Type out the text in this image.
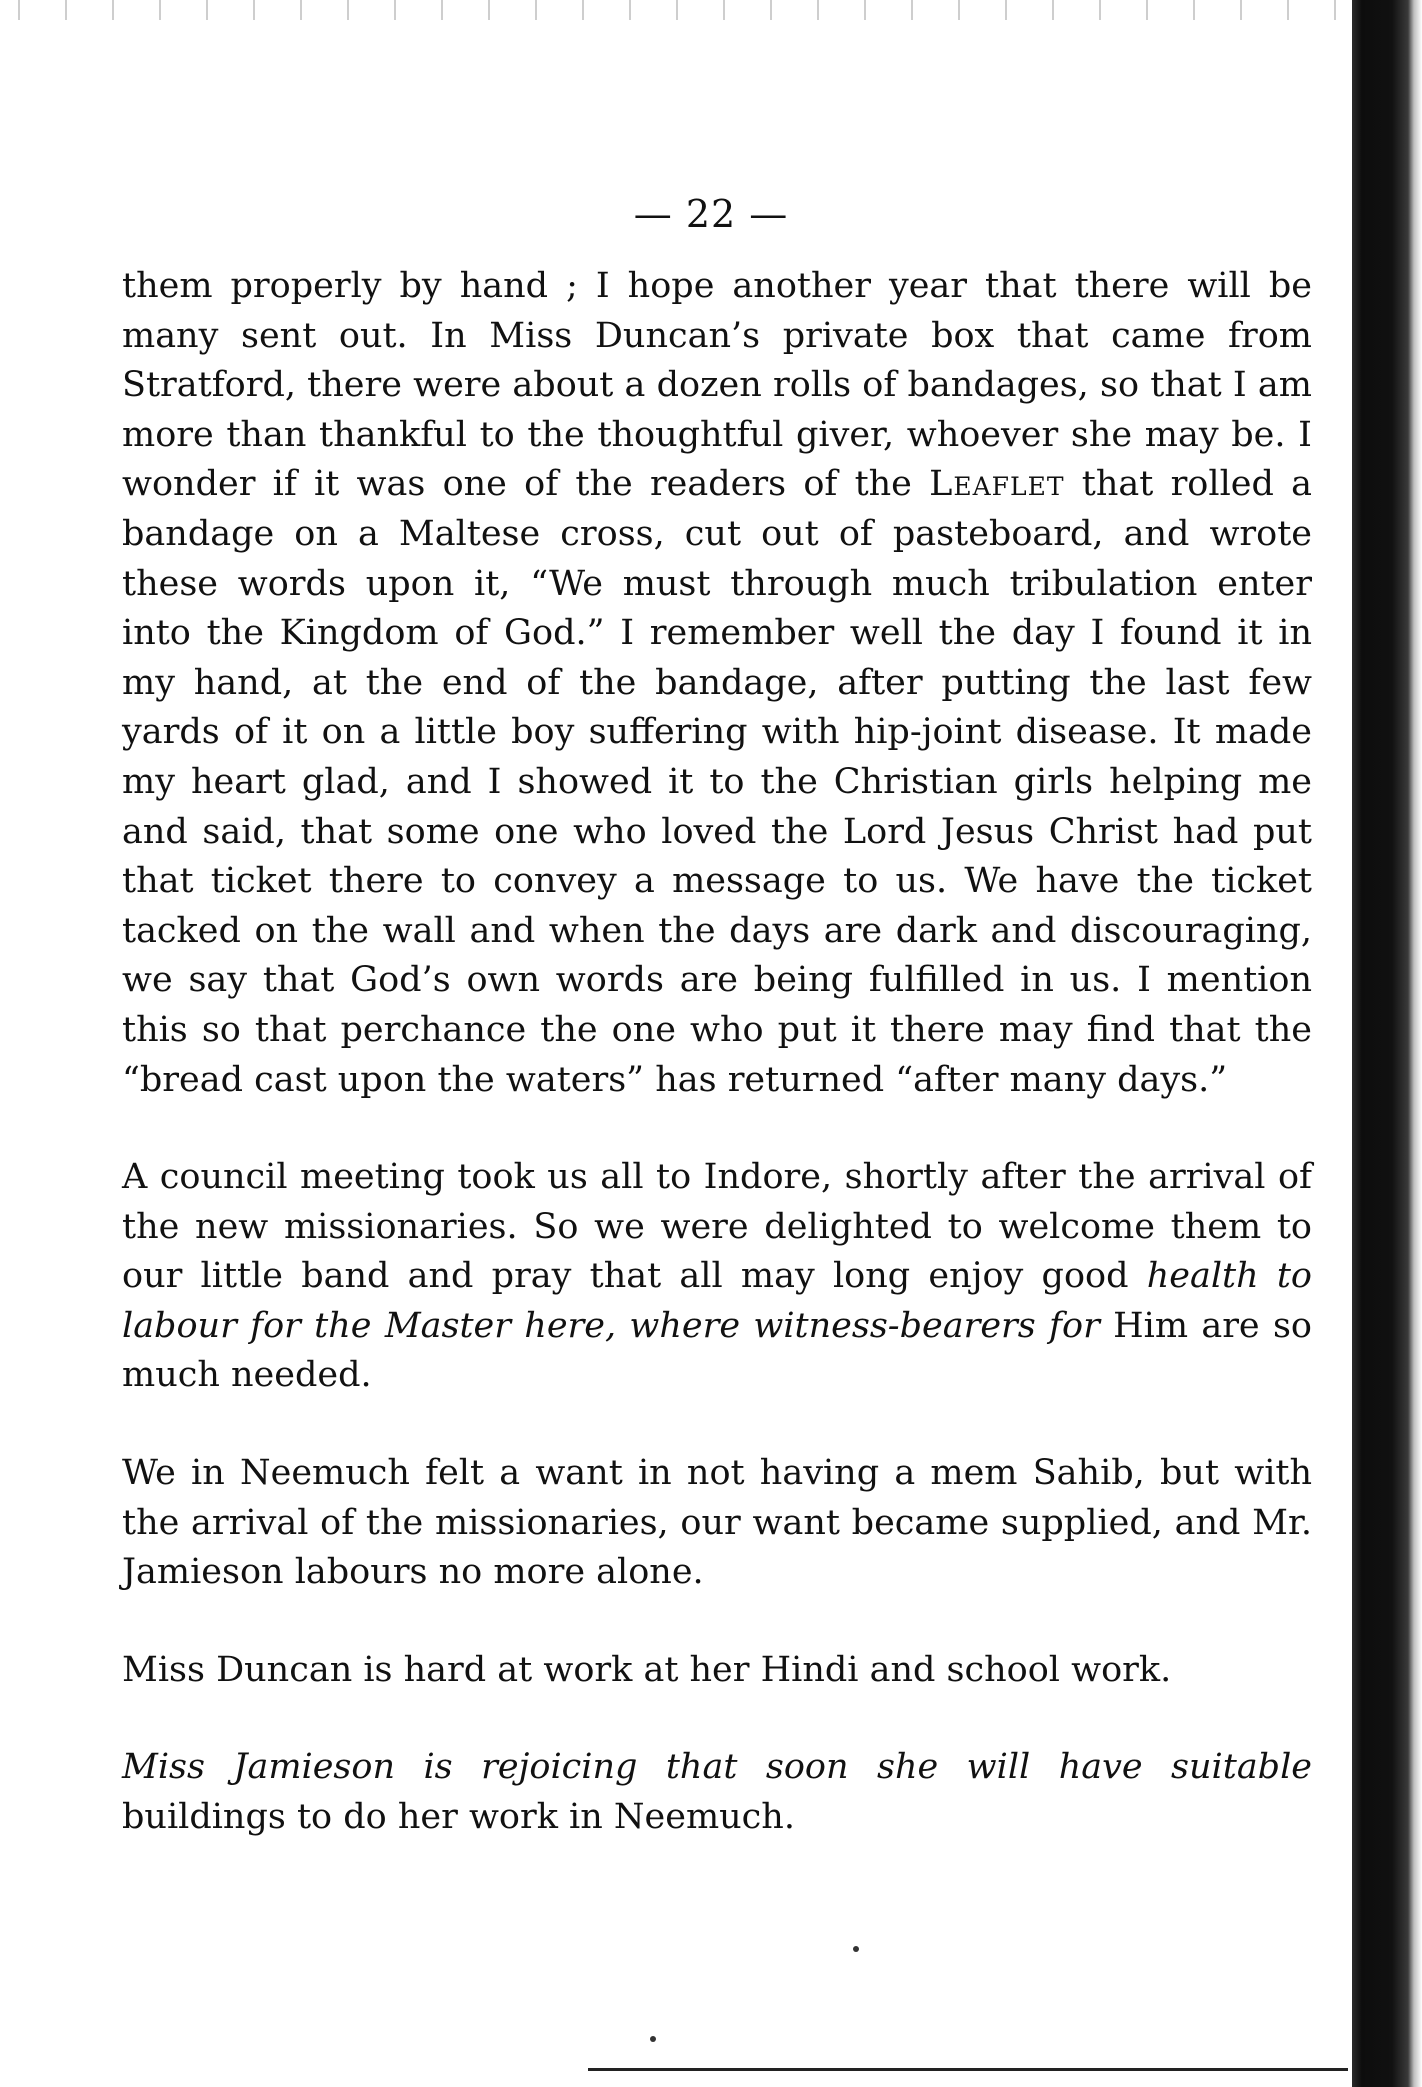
— 22 —

them properly by hand ; I hope another year that there will be many sent out. In Miss Duncan’s private box that came from Stratford, there were about a dozen rolls of bandages, so that I am more than thankful to the thoughtful giver, whoever she may be. I wonder if it was one of the readers of the Leaflet that rolled a bandage on a Maltese cross, cut out of pasteboard, and wrote these words upon it, “We must through much tribulation enter into the Kingdom of God.” I remember well the day I found it in my hand, at the end of the bandage, after putting the last few yards of it on a little boy suffering with hip-joint disease. It made my heart glad, and I showed it to the Christian girls helping me and said, that some one who loved the Lord Jesus Christ had put that ticket there to convey a message to us. We have the ticket tacked on the wall and when the days are dark and discouraging, we say that God’s own words are being fulfilled in us. I mention this so that perchance the one who put it there may find that the “bread cast upon the waters” has returned “after many days.”

A council meeting took us all to Indore, shortly after the arrival of the new missionaries. So we were delighted to welcome them to our little band and pray that all may long enjoy good health to labour for the Master here, where witness-bearers for Him are so much needed.

We in Neemuch felt a want in not having a mem Sahib, but with the arrival of the missionaries, our want became supplied, and Mr. Jamieson labours no more alone.

Miss Duncan is hard at work at her Hindi and school work.

Miss Jamieson is rejoicing that soon she will have suitable buildings to do her work in Neemuch.
